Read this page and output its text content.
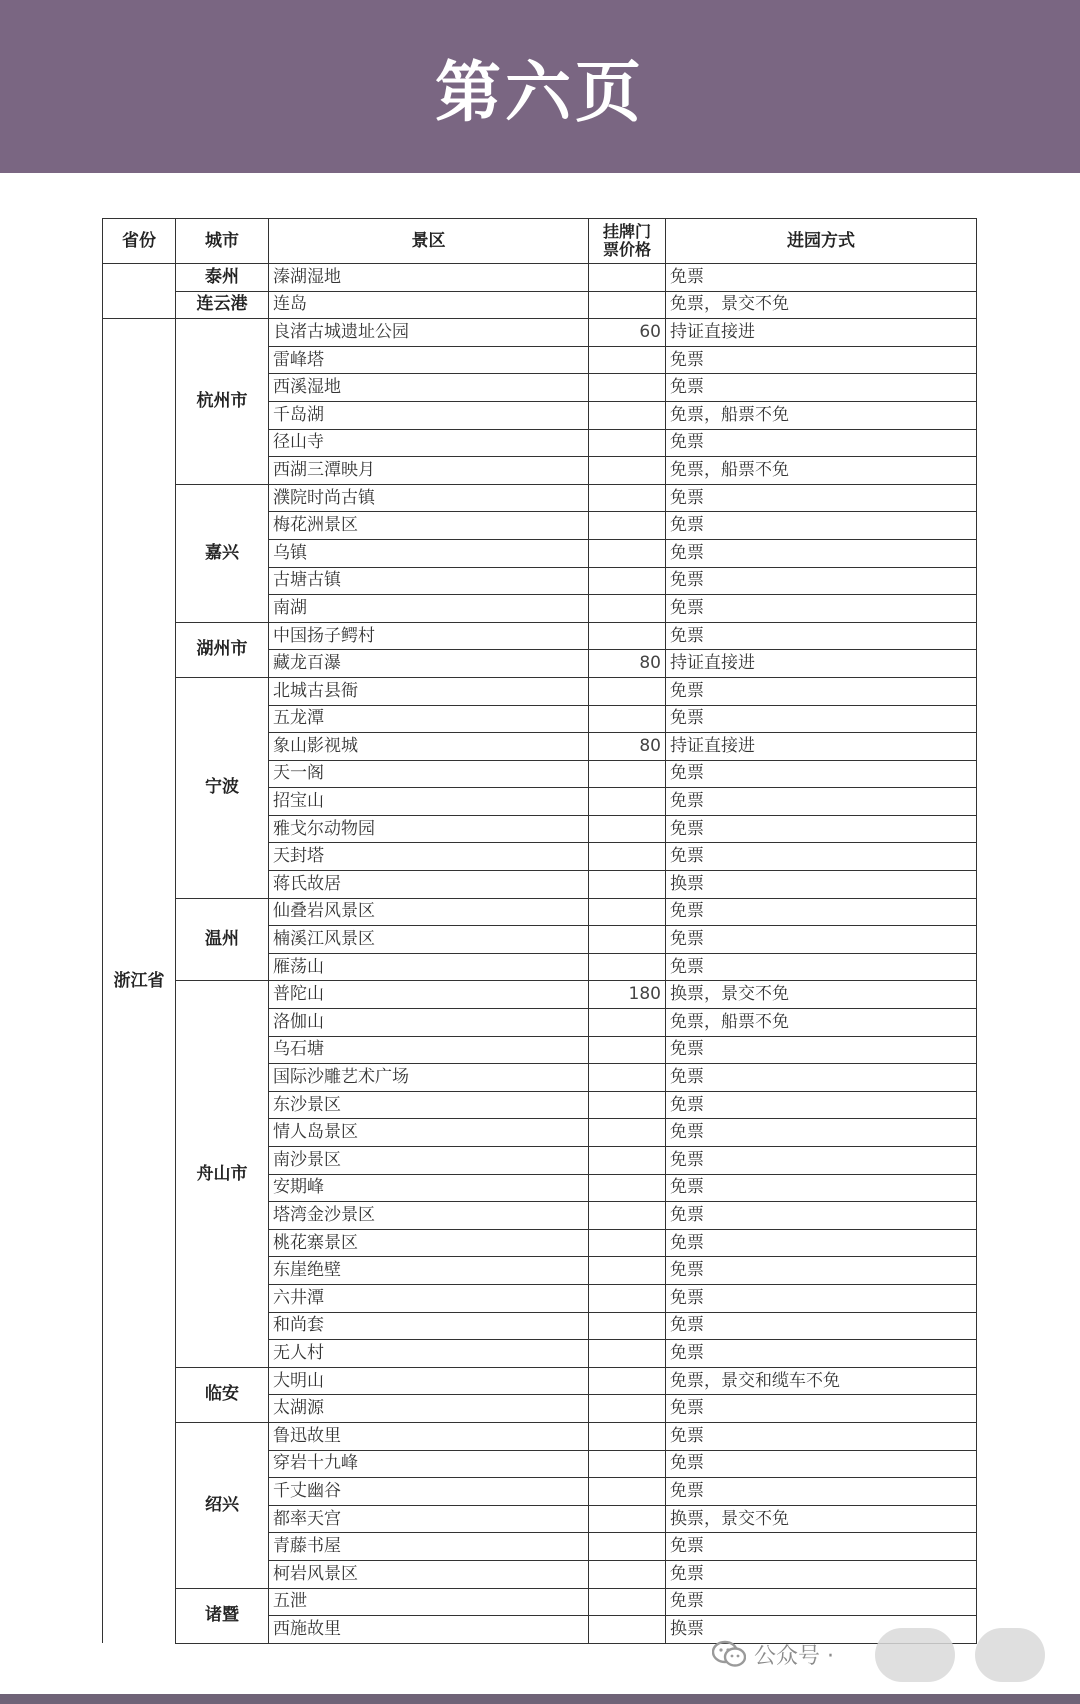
第六页
省份	城市	景区	挂牌门
票价格	进园方式
	泰州	溱湖湿地		免票
	连云港	连岛		免票，景交不免
浙江省	杭州市	良渚古城遗址公园	60	持证直接进
		雷峰塔		免票
		西溪湿地		免票
		千岛湖		免票，船票不免
		径山寺		免票
		西湖三潭映月		免票，船票不免
	嘉兴	濮院时尚古镇		免票
		梅花洲景区		免票
		乌镇		免票
		古塘古镇		免票
		南湖		免票
	湖州市	中国扬子鳄村		免票
		藏龙百瀑	80	持证直接进
	宁波	北城古县衙		免票
		五龙潭		免票
		象山影视城	80	持证直接进
		天一阁		免票
		招宝山		免票
		雅戈尔动物园		免票
		天封塔		免票
		蒋氏故居		换票
	温州	仙叠岩风景区		免票
		楠溪江风景区		免票
		雁荡山		免票
	舟山市	普陀山	180	换票，景交不免
		洛伽山		免票，船票不免
		乌石塘		免票
		国际沙雕艺术广场		免票
		东沙景区		免票
		情人岛景区		免票
		南沙景区		免票
		安期峰		免票
		塔湾金沙景区		免票
		桃花寨景区		免票
		东崖绝壁		免票
		六井潭		免票
		和尚套		免票
		无人村		免票
	临安	大明山		免票，景交和缆车不免
		太湖源		免票
	绍兴	鲁迅故里		免票
		穿岩十九峰		免票
		千丈幽谷		免票
		都率天宫		换票，景交不免
		青藤书屋		免票
		柯岩风景区		免票
	诸暨	五泄		免票
		西施故里		换票
公众号 ·
